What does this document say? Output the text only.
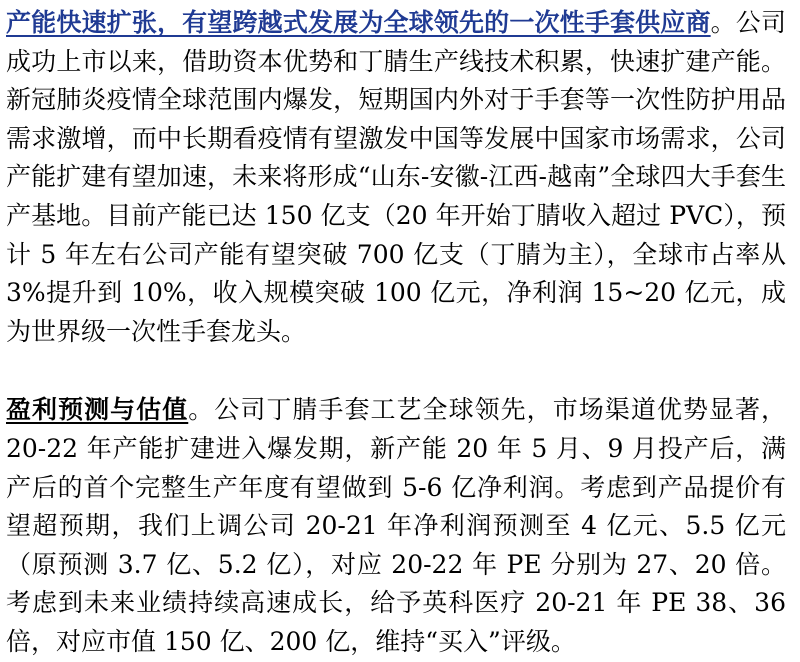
产能快速扩张，有望跨越式发展为全球领先的一次性手套供应商。公司成功上市以来，借助资本优势和丁腈生产线技术积累，快速扩建产能。新冠肺炎疫情全球范围内爆发，短期国内外对于手套等一次性防护用品需求激增，而中长期看疫情有望激发中国等发展中国家市场需求，公司产能扩建有望加速，未来将形成“山东-安徽-江西-越南”全球四大手套生产基地。目前产能已达 150 亿支（20 年开始丁腈收入超过 PVC），预计 5 年左右公司产能有望突破 700 亿支（丁腈为主），全球市占率从 3%提升到 10%，收入规模突破 100 亿元，净利润 15~20 亿元，成为世界级一次性手套龙头。

盈利预测与估值。公司丁腈手套工艺全球领先，市场渠道优势显著，20-22 年产能扩建进入爆发期，新产能 20 年 5 月、9 月投产后，满产后的首个完整生产年度有望做到 5-6 亿净利润。考虑到产品提价有望超预期，我们上调公司 20-21 年净利润预测至 4 亿元、5.5 亿元（原预测 3.7 亿、5.2 亿），对应 20-22 年 PE 分别为 27、20 倍。考虑到未来业绩持续高速成长，给予英科医疗 20-21 年 PE 38、36 倍，对应市值 150 亿、200 亿，维持“买入”评级。
